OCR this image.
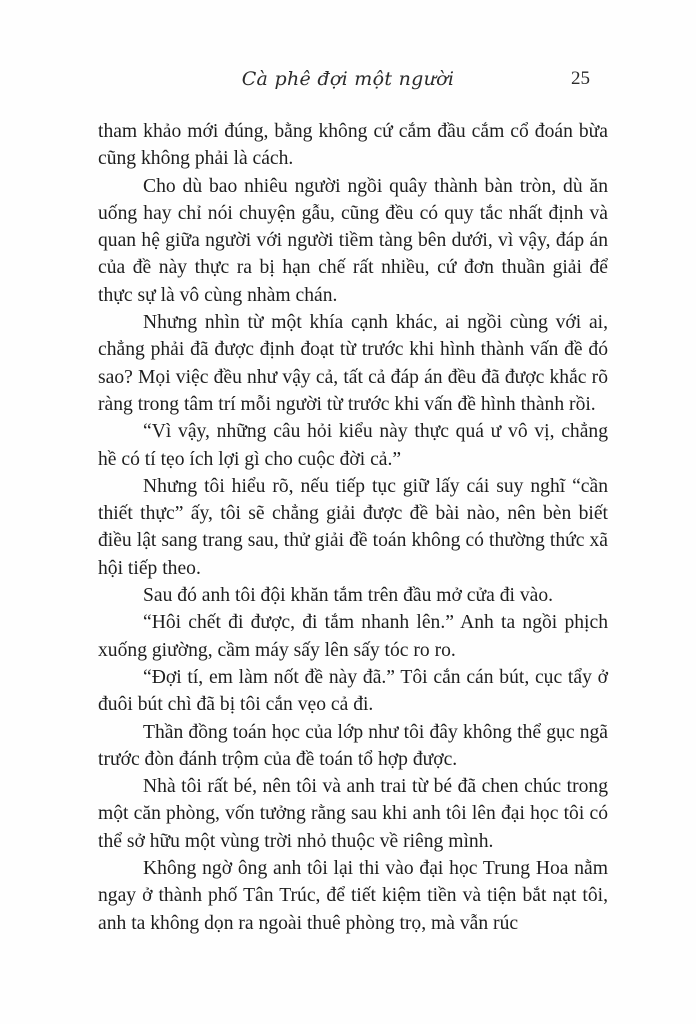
Cà phê đợi một người	25

tham khảo mới đúng, bằng không cứ cắm đầu cắm cổ đoán bừa cũng không phải là cách.

Cho dù bao nhiêu người ngồi quây thành bàn tròn, dù ăn uống hay chỉ nói chuyện gẫu, cũng đều có quy tắc nhất định và quan hệ giữa người với người tiềm tàng bên dưới, vì vậy, đáp án của đề này thực ra bị hạn chế rất nhiều, cứ đơn thuần giải để thực sự là vô cùng nhàm chán.

Nhưng nhìn từ một khía cạnh khác, ai ngồi cùng với ai, chẳng phải đã được định đoạt từ trước khi hình thành vấn đề đó sao? Mọi việc đều như vậy cả, tất cả đáp án đều đã được khắc rõ ràng trong tâm trí mỗi người từ trước khi vấn đề hình thành rồi.

“Vì vậy, những câu hỏi kiểu này thực quá ư vô vị, chẳng hề có tí tẹo ích lợi gì cho cuộc đời cả.”

Nhưng tôi hiểu rõ, nếu tiếp tục giữ lấy cái suy nghĩ “cần thiết thực” ấy, tôi sẽ chẳng giải được đề bài nào, nên bèn biết điều lật sang trang sau, thử giải đề toán không có thường thức xã hội tiếp theo.

Sau đó anh tôi đội khăn tắm trên đầu mở cửa đi vào.

“Hôi chết đi được, đi tắm nhanh lên.” Anh ta ngồi phịch xuống giường, cầm máy sấy lên sấy tóc ro ro.

“Đợi tí, em làm nốt đề này đã.” Tôi cắn cán bút, cục tẩy ở đuôi bút chì đã bị tôi cắn vẹo cả đi.

Thần đồng toán học của lớp như tôi đây không thể gục ngã trước đòn đánh trộm của đề toán tổ hợp được.

Nhà tôi rất bé, nên tôi và anh trai từ bé đã chen chúc trong một căn phòng, vốn tưởng rằng sau khi anh tôi lên đại học tôi có thể sở hữu một vùng trời nhỏ thuộc về riêng mình.

Không ngờ ông anh tôi lại thi vào đại học Trung Hoa nằm ngay ở thành phố Tân Trúc, để tiết kiệm tiền và tiện bắt nạt tôi, anh ta không dọn ra ngoài thuê phòng trọ, mà vẫn rúc
